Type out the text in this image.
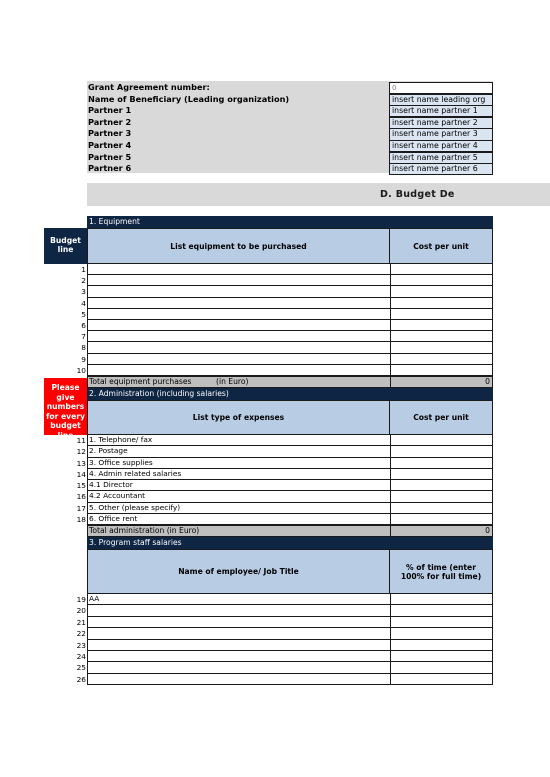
Grant Agreement number:	0
Name of Beneficiary (Leading organization)	insert name leading org
Partner 1	insert name partner 1
Partner 2	insert name partner 2
Partner 3	insert name partner 3
Partner 4	insert name partner 4
Partner 5	insert name partner 5
Partner 6	insert name partner 6
D. Budget De
Budget line
Please give numbers for every budget line
1. Equipment
List equipment to be purchased	Cost per unit
1
2
3
4
5
6
7
8
9
10
Total equipment purchases	(in Euro)	0
2. Administration (including salaries)
List type of expenses	Cost per unit
11 1. Telephone/ fax
12 2. Postage
13 3. Office supplies
14 4. Admin related salaries
15 4.1 Director
16 4.2 Accountant
17 5. Other (please specify)
18 6. Office rent
Total administration (in Euro)	0
3. Program staff salaries
Name of employee/ Job Title	% of time (enter 100% for full time)
19 AA
20
21
22
23
24
25
26
